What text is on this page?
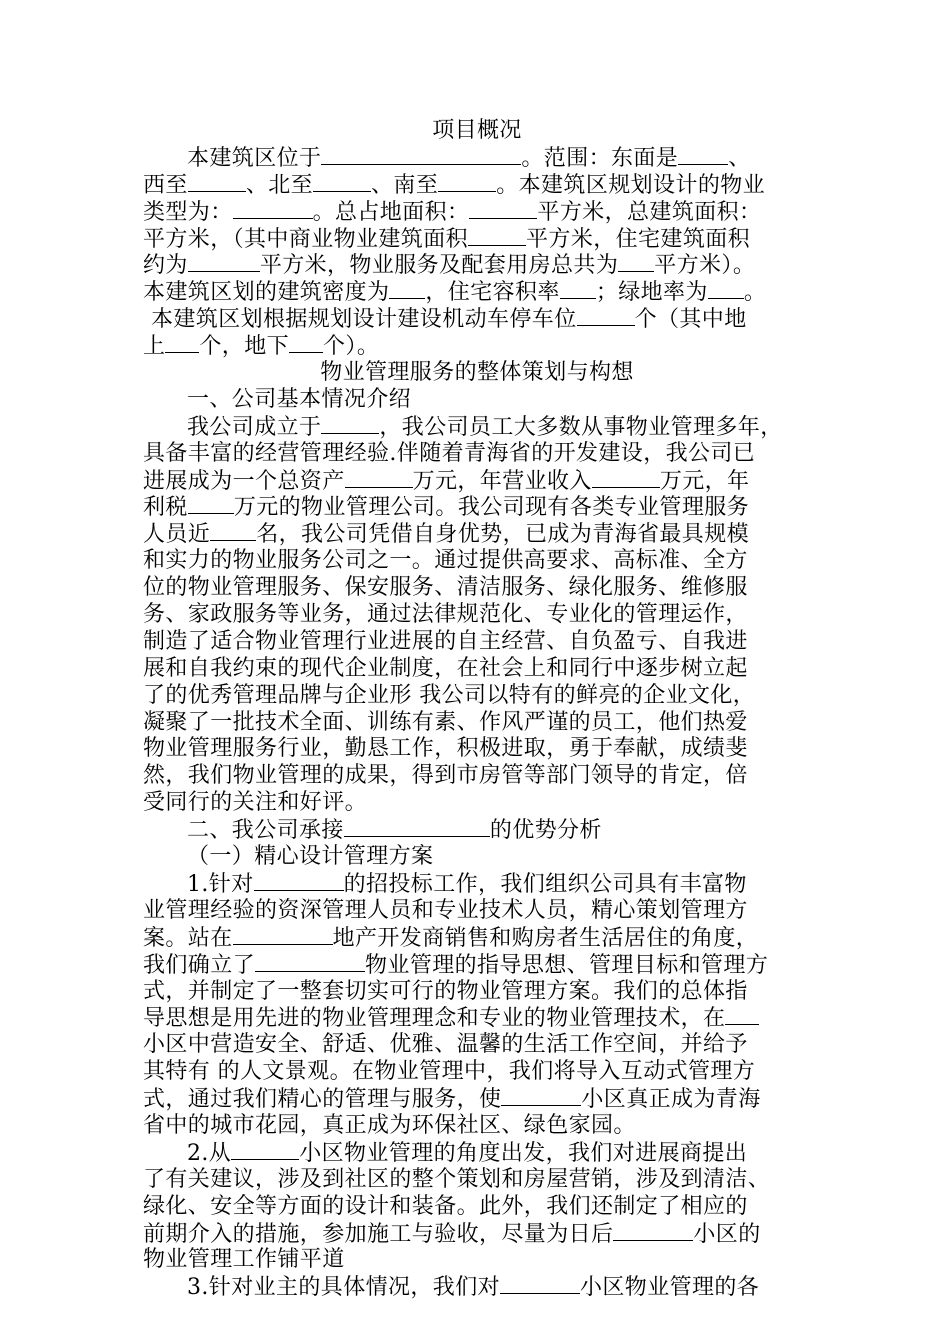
项目概况
本建筑区位于	。范围：东面是 、
西至	、北至	、南至	。本建筑区规划设计的物业
类型为：	。总占地面积：	平方米，总建筑面积：
平方米，（其中商业物业建筑面积	平方米，住宅建筑面积
约为	平方米，物业服务及配套用房总共为 平方米）。
本建筑区划的建筑密度为 ，住宅容积率 ；绿地率为 。
本建筑区划根据规划设计建设机动车停车位	个（其中地
上 个，地下 个）。
物业管理服务的整体策划与构想
一、公司基本情况介绍
我公司成立于	，我公司员工大多数从事物业管理多年，
具备丰富的经营管理经验.伴随着青海省的开发建设，我公司已
进展成为一个总资产	万元，年营业收入	万元，年
利税 万元的物业管理公司。我公司现有各类专业管理服务
人员近 名，我公司凭借自身优势，已成为青海省最具规模
和实力的物业服务公司之一。通过提供高要求、高标准、全方
位的物业管理服务、保安服务、清洁服务、绿化服务、维修服
务、家政服务等业务，通过法律规范化、专业化的管理运作，
制造了适合物业管理行业进展的自主经营、自负盈亏、自我进
展和自我约束的现代企业制度，在社会上和同行中逐步树立起
了的优秀管理品牌与企业形 我公司以特有的鲜亮的企业文化，
凝聚了一批技术全面、训练有素、作风严谨的员工，他们热爱
物业管理服务行业，勤恳工作，积极进取，勇于奉献，成绩斐
然，我们物业管理的成果，得到市房管等部门领导的肯定，倍
受同行的关注和好评。
二、我公司承接	的优势分析
（一）精心设计管理方案
1.针对	的招投标工作，我们组织公司具有丰富物
业管理经验的资深管理人员和专业技术人员，精心策划管理方
案。站在	地产开发商销售和购房者生活居住的角度，
我们确立了	物业管理的指导思想、管理目标和管理方
式，并制定了一整套切实可行的物业管理方案。我们的总体指
导思想是用先进的物业管理理念和专业的物业管理技术，在
小区中营造安全、舒适、优雅、温馨的生活工作空间，并给予
其特有 的人文景观。在物业管理中，我们将导入互动式管理方
式，通过我们精心的管理与服务，使	小区真正成为青海
省中的城市花园，真正成为环保社区、绿色家园。
2.从	小区物业管理的角度出发，我们对进展商提出
了有关建议，涉及到社区的整个策划和房屋营销，涉及到清洁、
绿化、安全等方面的设计和装备。此外，我们还制定了相应的
前期介入的措施，参加施工与验收，尽量为日后	小区的
物业管理工作铺平道
3.针对业主的具体情况，我们对	小区物业管理的各
